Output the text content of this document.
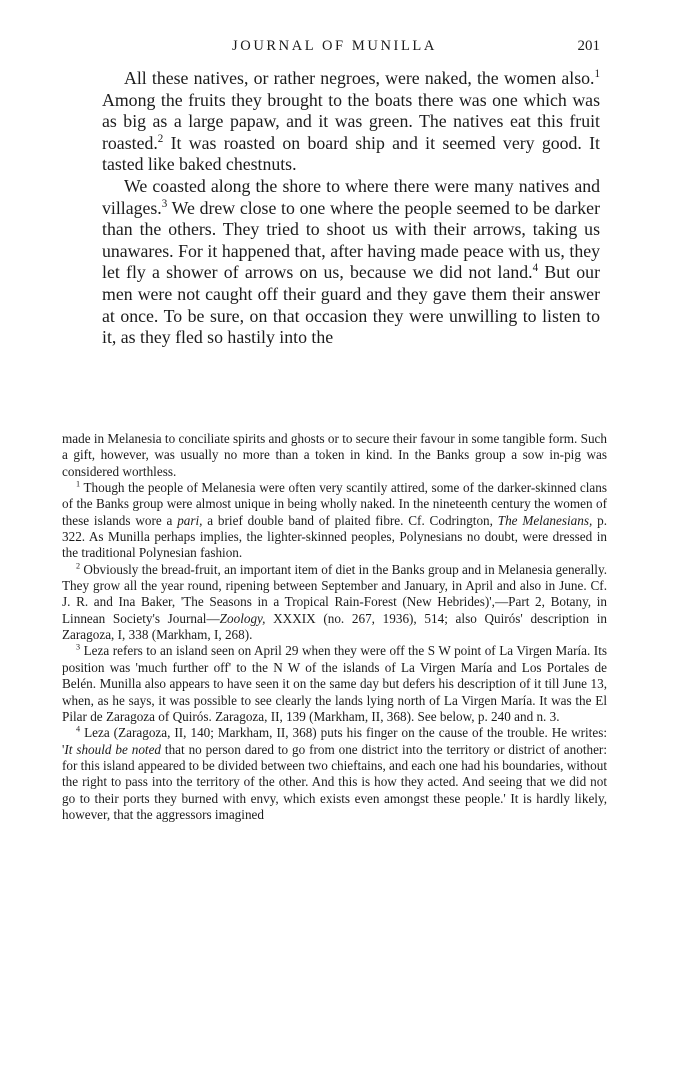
JOURNAL OF MUNILLA	201

All these natives, or rather negroes, were naked, the women also.$^1$ Among the fruits they brought to the boats there was one which was as big as a large papaw, and it was green. The natives eat this fruit roasted.$^2$ It was roasted on board ship and it seemed very good. It tasted like baked chestnuts.

We coasted along the shore to where there were many natives and villages.$^3$ We drew close to one where the people seemed to be darker than the others. They tried to shoot us with their arrows, taking us unawares. For it happened that, after having made peace with us, they let fly a shower of arrows on us, because we did not land.$^4$ But our men were not caught off their guard and they gave them their answer at once. To be sure, on that occasion they were unwilling to listen to it, as they fled so hastily into the

made in Melanesia to conciliate spirits and ghosts or to secure their favour in some tangible form. Such a gift, however, was usually no more than a token in kind. In the Banks group a sow in-pig was considered worthless.

$^1$ Though the people of Melanesia were often very scantily attired, some of the darker-skinned clans of the Banks group were almost unique in being wholly naked. In the nineteenth century the women of these islands wore a pari, a brief double band of plaited fibre. Cf. Codrington, The Melanesians, p. 322. As Munilla perhaps implies, the lighter-skinned peoples, Polynesians no doubt, were dressed in the traditional Polynesian fashion.

$^2$ Obviously the bread-fruit, an important item of diet in the Banks group and in Melanesia generally. They grow all the year round, ripening between September and January, in April and also in June. Cf. J. R. and Ina Baker, 'The Seasons in a Tropical Rain-Forest (New Hebrides)',—Part 2, Botany, in Linnean Society's Journal—Zoology, XXXIX (no. 267, 1936), 514; also Quirós' description in Zaragoza, I, 338 (Markham, I, 268).

$^3$ Leza refers to an island seen on April 29 when they were off the S W point of La Virgen María. Its position was 'much further off' to the N W of the islands of La Virgen María and Los Portales de Belén. Munilla also appears to have seen it on the same day but defers his description of it till June 13, when, as he says, it was possible to see clearly the lands lying north of La Virgen María. It was the El Pilar de Zaragoza of Quirós. Zaragoza, II, 139 (Markham, II, 368). See below, p. 240 and n. 3.

$^4$ Leza (Zaragoza, II, 140; Markham, II, 368) puts his finger on the cause of the trouble. He writes: 'It should be noted that no person dared to go from one district into the territory or district of another: for this island appeared to be divided between two chieftains, and each one had his boundaries, without the right to pass into the territory of the other. And this is how they acted. And seeing that we did not go to their ports they burned with envy, which exists even amongst these people.' It is hardly likely, however, that the aggressors imagined
